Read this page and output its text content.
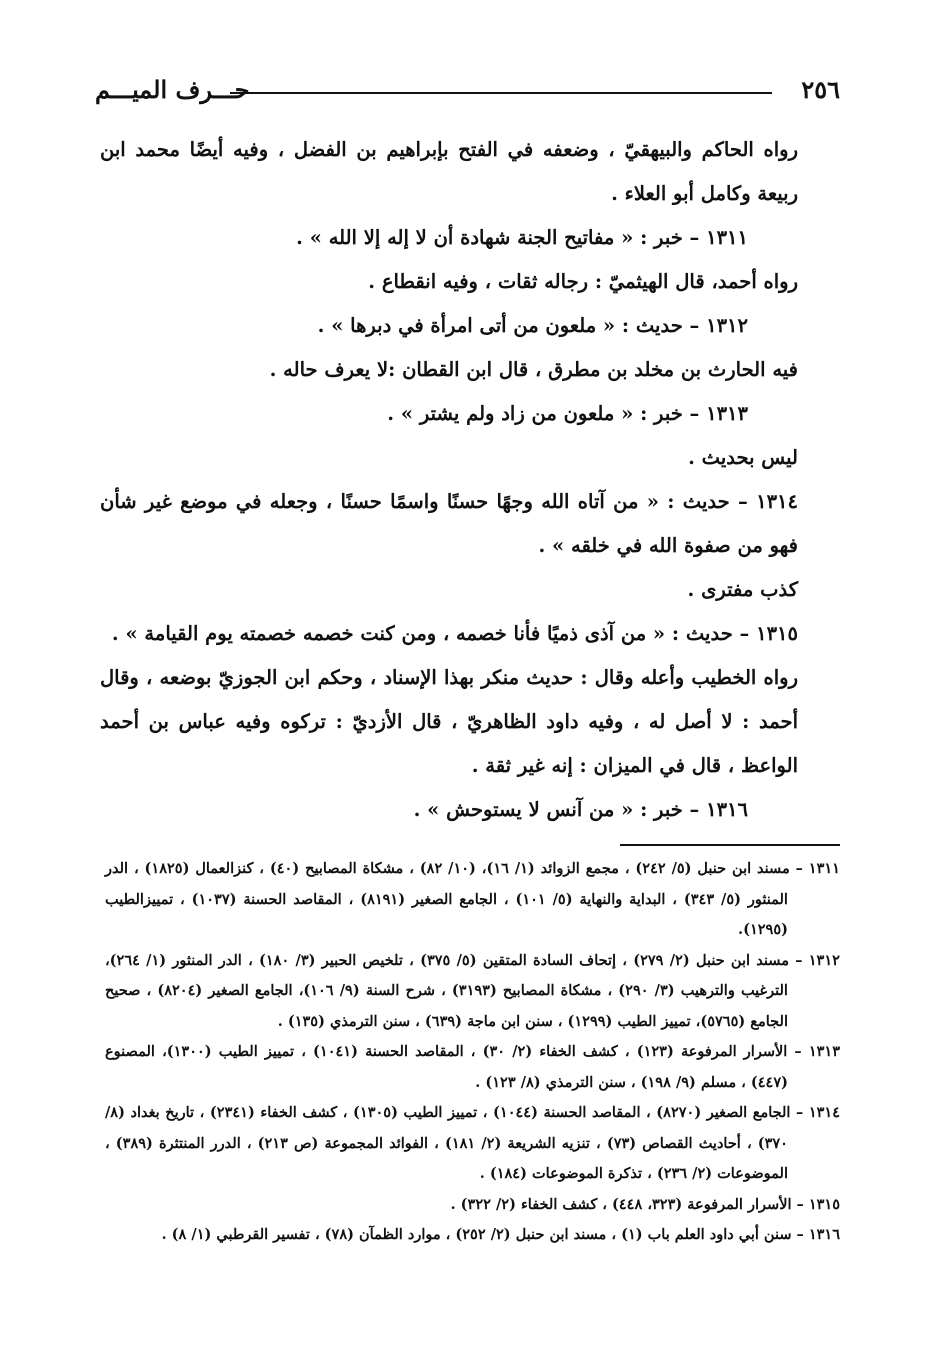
٢٥٦
حـــرف الميـــم

رواه الحاكم والبيهقيّ ، وضعفه في الفتح بإبراهيم بن الفضل ، وفيه أيضًا محمد ابن ربيعة وكامل أبو العلاء .

١٣١١ – خبر : « مفاتيح الجنة شهادة أن لا إله إلا الله » .

رواه أحمد، قال الهيثميّ : رجاله ثقات ، وفيه انقطاع .

١٣١٢ – حديث : « ملعون من أتى امرأة في دبرها » .

فيه الحارث بن مخلد بن مطرق ، قال ابن القطان :لا يعرف حاله .

١٣١٣ – خبر : « ملعون من زاد ولم يشتر » .

ليس بحديث .

١٣١٤ – حديث : « من آتاه الله وجهًا حسنًا واسمًا حسنًا ، وجعله في موضع غير شأن فهو من صفوة الله في خلقه » .

كذب مفترى .

١٣١٥ – حديث : « من آذى ذميًا فأنا خصمه ، ومن كنت خصمه خصمته يوم القيامة » .

رواه الخطيب وأعله وقال : حديث منكر بهذا الإسناد ، وحكم ابن الجوزيّ بوضعه ، وقال أحمد : لا أصل له ، وفيه داود الظاهريّ ، قال الأزديّ : تركوه وفيه عباس بن أحمد الواعظ ، قال في الميزان : إنه غير ثقة .

١٣١٦ – خبر : « من آنس لا يستوحش » .

١٣١١ – مسند ابن حنبل (٥/ ٢٤٢) ، مجمع الزوائد (١/ ١٦)، (١٠/ ٨٢) ، مشكاة المصابيح (٤٠) ، كنزالعمال (١٨٢٥) ، الدر المنثور (٥/ ٣٤٣) ، البداية والنهاية (٥/ ١٠١) ، الجامع الصغير (٨١٩١) ، المقاصد الحسنة (١٠٣٧) ، تمييزالطيب (١٢٩٥).

١٣١٢ – مسند ابن حنبل (٢/ ٢٧٩) ، إتحاف السادة المتقين (٥/ ٣٧٥) ، تلخيص الحبير (٣/ ١٨٠) ، الدر المنثور (١/ ٢٦٤)، الترغيب والترهيب (٣/ ٢٩٠) ، مشكاة المصابيح (٣١٩٣) ، شرح السنة (٩/ ١٠٦)، الجامع الصغير (٨٢٠٤) ، صحيح الجامع (٥٧٦٥)، تمييز الطيب (١٢٩٩) ، سنن ابن ماجة (٦٣٩) ، سنن الترمذي (١٣٥) .

١٣١٣ – الأسرار المرفوعة (١٢٣) ، كشف الخفاء (٢/ ٣٠) ، المقاصد الحسنة (١٠٤١) ، تمييز الطيب (١٣٠٠)، المصنوع (٤٤٧) ، مسلم (٩/ ١٩٨) ، سنن الترمذي (٨/ ١٢٣) .

١٣١٤ – الجامع الصغير (٨٢٧٠) ، المقاصد الحسنة (١٠٤٤) ، تمييز الطيب (١٣٠٥) ، كشف الخفاء (٢٣٤١) ، تاريخ بغداد (٨/ ٣٧٠) ، أحاديث القصاص (٧٣) ، تنزيه الشريعة (٢/ ١٨١) ، الفوائد المجموعة (ص ٢١٣) ، الدرر المنتثرة (٣٨٩) ، الموضوعات (٢/ ٢٣٦) ، تذكرة الموضوعات (١٨٤) .

١٣١٥ – الأسرار المرفوعة (٣٢٣، ٤٤٨) ، كشف الخفاء (٢/ ٣٢٢) .

١٣١٦ – سنن أبي داود العلم باب (١) ، مسند ابن حنبل (٢/ ٢٥٢) ، موارد الظمآن (٧٨) ، تفسير القرطبي (١/ ٨) .
